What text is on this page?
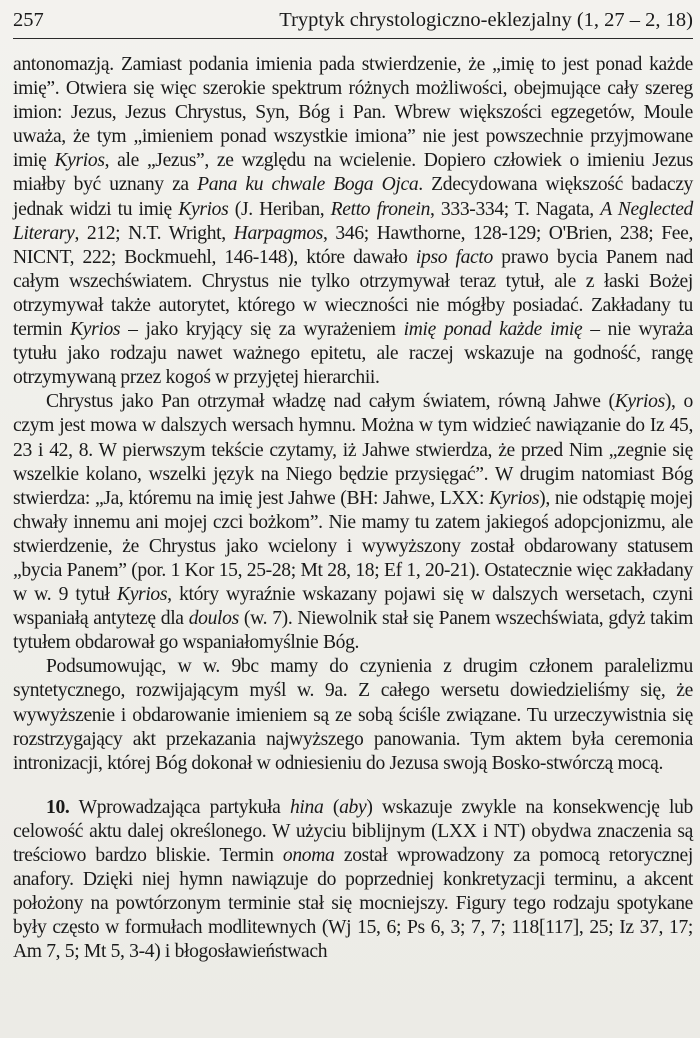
257	Tryptyk chrystologiczno-eklezjalny (1, 27 – 2, 18)

antonomazją. Zamiast podania imienia pada stwierdzenie, że „imię to jest ponad każde imię”. Otwiera się więc szerokie spektrum różnych możliwości, obejmujące cały szereg imion: Jezus, Jezus Chrystus, Syn, Bóg i Pan. Wbrew większości egzegetów, Moule uważa, że tym „imieniem ponad wszystkie imiona” nie jest powszechnie przyjmowane imię Kyrios, ale „Jezus”, ze względu na wcielenie. Dopiero człowiek o imieniu Jezus miałby być uznany za Pana ku chwale Boga Ojca. Zdecydowana większość badaczy jednak widzi tu imię Kyrios (J. Heriban, Retto fronein, 333-334; T. Nagata, A Neglected Literary, 212; N.T. Wright, Harpagmos, 346; Hawthorne, 128-129; O'Brien, 238; Fee, NICNT, 222; Bockmuehl, 146-148), które dawało ipso facto prawo bycia Panem nad całym wszechświatem. Chrystus nie tylko otrzymywał teraz tytuł, ale z łaski Bożej otrzymywał także autorytet, którego w wieczności nie mógłby posiadać. Zakładany tu termin Kyrios – jako kryjący się za wyrażeniem imię ponad każde imię – nie wyraża tytułu jako rodzaju nawet ważnego epitetu, ale raczej wskazuje na godność, rangę otrzymywaną przez kogoś w przyjętej hierarchii.

Chrystus jako Pan otrzymał władzę nad całym światem, równą Jahwe (Kyrios), o czym jest mowa w dalszych wersach hymnu. Można w tym widzieć nawiązanie do Iz 45, 23 i 42, 8. W pierwszym tekście czytamy, iż Jahwe stwierdza, że przed Nim „zegnie się wszelkie kolano, wszelki język na Niego będzie przysięgać”. W drugim natomiast Bóg stwierdza: „Ja, któremu na imię jest Jahwe (BH: Jahwe, LXX: Kyrios), nie odstąpię mojej chwały innemu ani mojej czci bożkom”. Nie mamy tu zatem jakiegoś adopcjonizmu, ale stwierdzenie, że Chrystus jako wcielony i wywyższony został obdarowany statusem „bycia Panem” (por. 1 Kor 15, 25-28; Mt 28, 18; Ef 1, 20-21). Ostatecznie więc zakładany w w. 9 tytuł Kyrios, który wyraźnie wskazany pojawi się w dalszych wersetach, czyni wspaniałą antytezę dla doulos (w. 7). Niewolnik stał się Panem wszechświata, gdyż takim tytułem obdarował go wspaniałomyślnie Bóg.

Podsumowując, w w. 9bc mamy do czynienia z drugim członem paralelizmu syntetycznego, rozwijającym myśl w. 9a. Z całego wersetu dowiedzieliśmy się, że wywyższenie i obdarowanie imieniem są ze sobą ściśle związane. Tu urzeczywistnia się rozstrzygający akt przekazania najwyższego panowania. Tym aktem była ceremonia intronizacji, której Bóg dokonał w odniesieniu do Jezusa swoją Bosko-stwórczą mocą.

10. Wprowadzająca partykuła hina (aby) wskazuje zwykle na konsekwencję lub celowość aktu dalej określonego. W użyciu biblijnym (LXX i NT) obydwa znaczenia są treściowo bardzo bliskie. Termin onoma został wprowadzony za pomocą retorycznej anafory. Dzięki niej hymn nawiązuje do poprzedniej konkretyzacji terminu, a akcent położony na powtórzonym terminie stał się mocniejszy. Figury tego rodzaju spotykane były często w formułach modlitewnych (Wj 15, 6; Ps 6, 3; 7, 7; 118[117], 25; Iz 37, 17; Am 7, 5; Mt 5, 3-4) i błogosławieństwach
